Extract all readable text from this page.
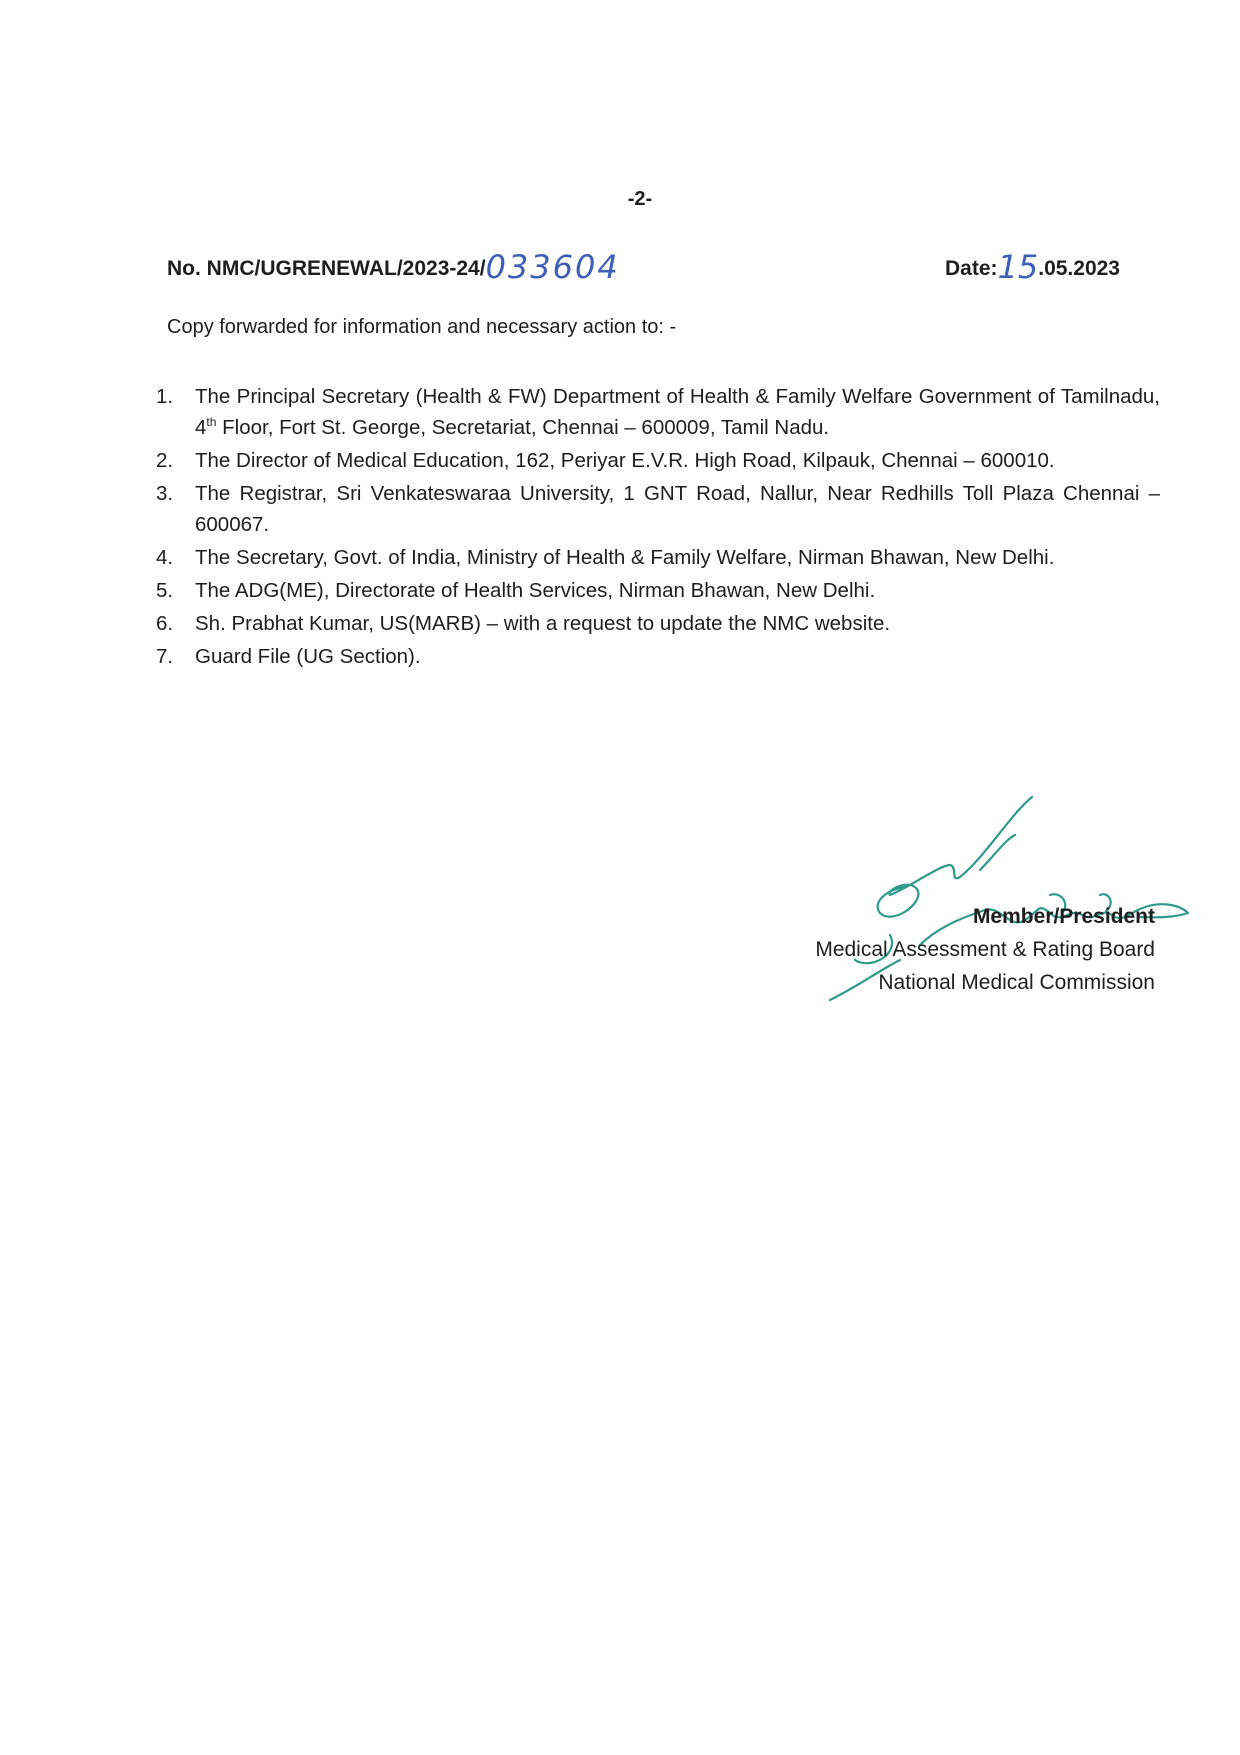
-2-
No. NMC/UGRENEWAL/2023-24/033604	Date:15.05.2023
Copy forwarded for information and necessary action to: -
1. The Principal Secretary (Health & FW) Department of Health & Family Welfare Government of Tamilnadu, 4th Floor, Fort St. George, Secretariat, Chennai – 600009, Tamil Nadu.
2. The Director of Medical Education, 162, Periyar E.V.R. High Road, Kilpauk, Chennai – 600010.
3. The Registrar, Sri Venkateswaraa University, 1 GNT Road, Nallur, Near Redhills Toll Plaza Chennai – 600067.
4. The Secretary, Govt. of India, Ministry of Health & Family Welfare, Nirman Bhawan, New Delhi.
5. The ADG(ME), Directorate of Health Services, Nirman Bhawan, New Delhi.
6. Sh. Prabhat Kumar, US(MARB) – with a request to update the NMC website.
7. Guard File (UG Section).
Member/President
Medical Assessment & Rating Board
National Medical Commission
